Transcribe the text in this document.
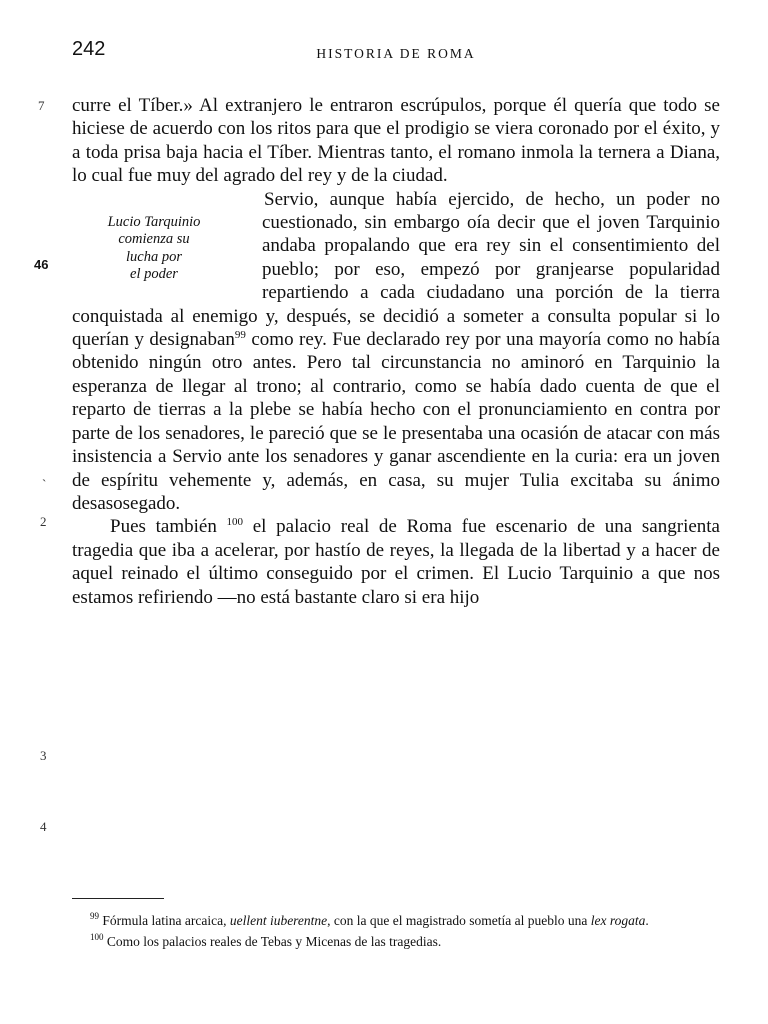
242	HISTORIA DE ROMA
7
46
ˏ
2
3
4

curre el Tíber.» Al extranjero le entraron escrúpulos, porque él quería que todo se hiciese de acuerdo con los ritos para que el prodigio se viera coronado por el éxito, y a toda prisa baja hacia el Tíber. Mientras tanto, el romano inmola la ternera a Diana, lo cual fue muy del agrado del rey y de la ciudad.

Lucio Tarquinio
comienza su
lucha por
el poder
Servio, aunque había ejercido, de hecho, un poder no cuestionado, sin embargo oía decir que el joven Tarquinio andaba propalando que era rey sin el consentimiento del pueblo; por eso, empezó por granjearse popularidad repartiendo a cada ciudadano una porción de la tierra conquistada al enemigo y, después, se decidió a someter a consulta popular si lo querían y designaban$^{99}$ como rey. Fue declarado rey por una mayoría como no había obtenido ningún otro antes. Pero tal circunstancia no aminoró en Tarquinio la esperanza de llegar al trono; al contrario, como se había dado cuenta de que el reparto de tierras a la plebe se había hecho con el pronunciamiento en contra por parte de los senadores, le pareció que se le presentaba una ocasión de atacar con más insistencia a Servio ante los senadores y ganar ascendiente en la curia: era un joven de espíritu vehemente y, además, en casa, su mujer Tulia excitaba su ánimo desasosegado.

Pues también $^{100}$ el palacio real de Roma fue escenario de una sangrienta tragedia que iba a acelerar, por hastío de reyes, la llegada de la libertad y a hacer de aquel reinado el último conseguido por el crimen. El Lucio Tarquinio a que nos estamos refiriendo —no está bastante claro si era hijo

$^{99}$ Fórmula latina arcaica, uellent iuberentne, con la que el magistrado sometía al pueblo una lex rogata.

$^{100}$ Como los palacios reales de Tebas y Micenas de las tragedias.
